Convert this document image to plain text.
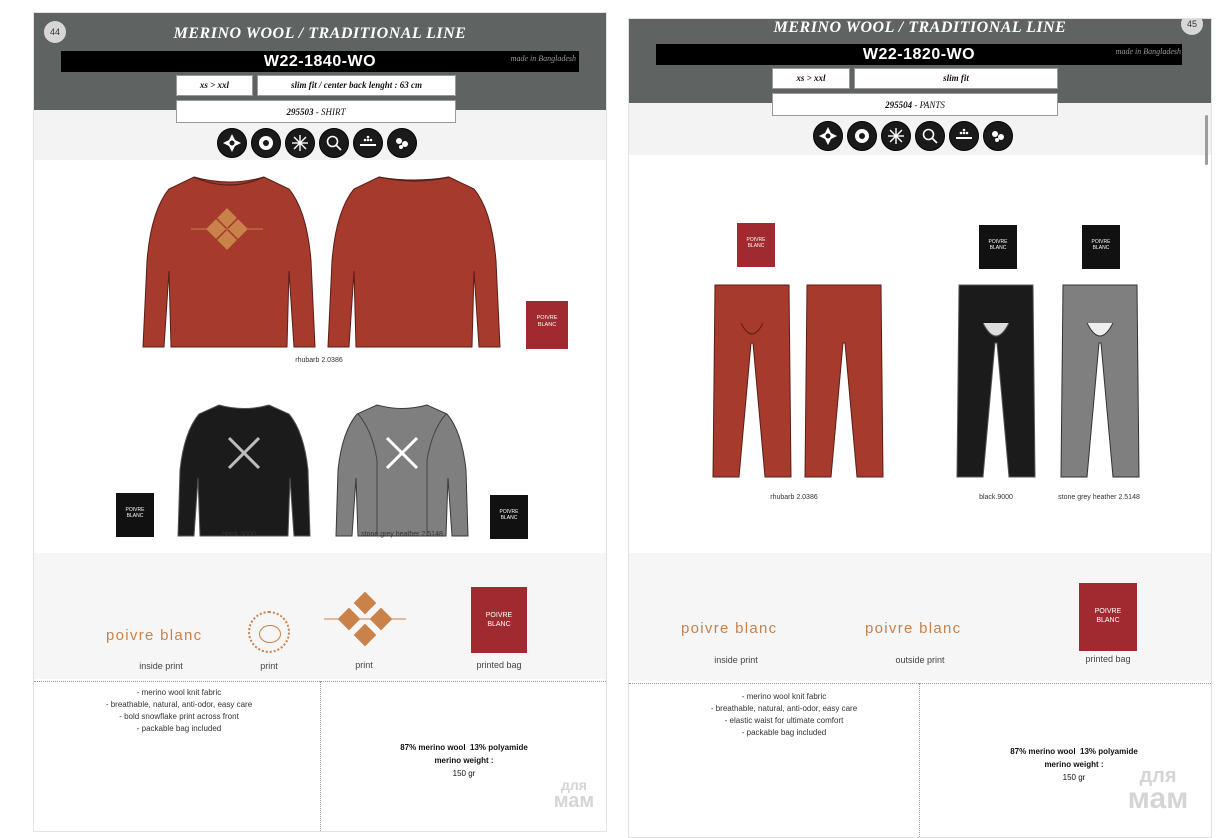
44	MERINO WOOL / TRADITIONAL LINE
W22-1840-WO	made in Bangladesh
xs > xxl	slim fit / center back lenght : 63 cm
295503 - SHIRT
POIVRE
BLANC
rhubarb 2.0386
POIVRE
BLANC
POIVRE
BLANC
black.9000	stone grey heather 2.5148
poivre blanc
inside print	print	print
POIVRE
BLANC
printed bag
- merino wool knit fabric
- breathable, natural, anti-odor, easy care
- bold snowflake print across front
- packable bag included
87% merino wool 13% polyamide
merino weight :
150 gr
для
мам
45
MERINO WOOL / TRADITIONAL LINE
W22-1820-WO	made in Bangladesh
xs > xxl	slim fit
295504 - PANTS
POIVRE
BLANC
POIVRE
BLANC
POIVRE
BLANC
rhubarb 2.0386	black.9000	stone grey heather 2.5148
poivre blanc
inside print
poivre blanc
outside print
POIVRE
BLANC
printed bag
- merino wool knit fabric
- breathable, natural, anti-odor, easy care
- elastic waist for ultimate comfort
- packable bag included
87% merino wool 13% polyamide
merino weight :
150 gr	для
мам
